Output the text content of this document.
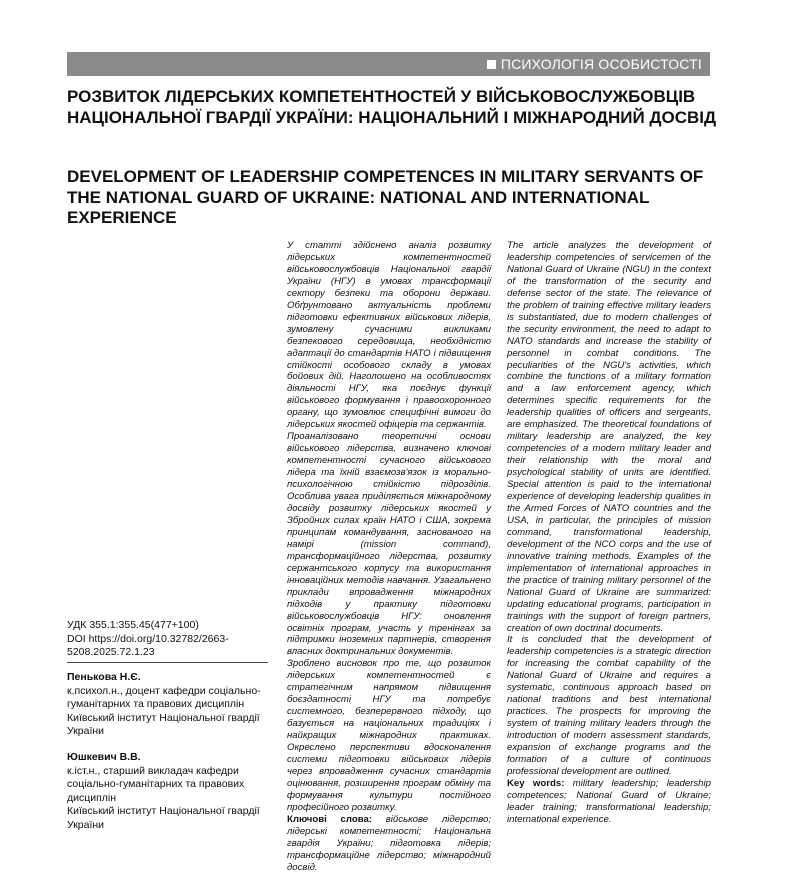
ПСИХОЛОГІЯ ОСОБИСТОСТІ
РОЗВИТОК ЛІДЕРСЬКИХ КОМПЕТЕНТНОСТЕЙ У ВІЙСЬКОВОСЛУЖБОВЦІВ НАЦІОНАЛЬНОЇ ГВАРДІЇ УКРАЇНИ: НАЦІОНАЛЬНИЙ І МІЖНАРОДНИЙ ДОСВІД
DEVELOPMENT OF LEADERSHIP COMPETENCES IN MILITARY SERVANTS OF THE NATIONAL GUARD OF UKRAINE: NATIONAL AND INTERNATIONAL EXPERIENCE
УДК 355.1:355.45(477+100)
DOI https://doi.org/10.32782/2663-5208.2025.72.1.23
Пенькова Н.Є.
к.психол.н., доцент кафедри соціально-гуманітарних та правових дисциплін
Київський інститут Національної гвардії України
Юшкевич В.В.
к.іст.н., старший викладач кафедри соціально-гуманітарних та правових дисциплін
Київський інститут Національної гвардії України

У статті здійснено аналіз розвитку лідерських компетентностей військовослужбовців Національної гвардії України (НГУ) в умовах трансформації сектору безпеки та оборони держави. Обґрунтовано актуальність проблеми підготовки ефективних військових лідерів, зумовлену сучасними викликами безпекового середовища, необхідністю адаптації до стандартів НАТО і підвищення стійкості особового складу в умовах бойових дій. Наголошено на особливостях діяльності НГУ, яка поєднує функції військового формування і правоохоронного органу, що зумовлює специфічні вимоги до лідерських якостей офіцерів та сержантів.

Проаналізовано теоретичні основи військового лідерства, визначено ключові компетентності сучасного військового лідера та їхній взаємозв'язок із морально-психологічною стійкістю підрозділів. Особлива увага приділяється міжнародному досвіду розвитку лідерських якостей у Збройних силах країн НАТО і США, зокрема принципам командування, заснованого на намірі (mission command), трансформаційного лідерства, розвитку сержантського корпусу та використання інноваційних методів навчання. Узагальнено приклади впровадження міжнародних підходів у практику підготовки військовослужбовців НГУ: оновлення освітніх програм, участь у тренінгах за підтримки іноземних партнерів, створення власних доктринальних документів.

Зроблено висновок про те, що розвиток лідерських компетентностей є стратегічним напрямом підвищення боєздатності НГУ та потребує системного, безперервного підходу, що базується на національних традиціях і найкращих міжнародних практиках. Окреслено перспективи вдосконалення системи підготовки військових лідерів через впровадження сучасних стандартів оцінювання, розширення програм обміну та формування культури постійного професійного розвитку.

Ключові слова: військове лідерство; лідерські компетентності; Національна гвардія України; підготовка лідерів; трансформаційне лідерство; міжнародний досвід.

The article analyzes the development of leadership competencies of servicemen of the National Guard of Ukraine (NGU) in the context of the transformation of the security and defense sector of the state. The relevance of the problem of training effective military leaders is substantiated, due to modern challenges of the security environment, the need to adapt to NATO standards and increase the stability of personnel in combat conditions. The peculiarities of the NGU's activities, which combine the functions of a military formation and a law enforcement agency, which determines specific requirements for the leadership qualities of officers and sergeants, are emphasized. The theoretical foundations of military leadership are analyzed, the key competencies of a modern military leader and their relationship with the moral and psychological stability of units are identified. Special attention is paid to the international experience of developing leadership qualities in the Armed Forces of NATO countries and the USA, in particular, the principles of mission command, transformational leadership, development of the NCO corps and the use of innovative training methods. Examples of the implementation of international approaches in the practice of training military personnel of the National Guard of Ukraine are summarized: updating educational programs, participation in trainings with the support of foreign partners, creation of own doctrinal documents.

It is concluded that the development of leadership competencies is a strategic direction for increasing the combat capability of the National Guard of Ukraine and requires a systematic, continuous approach based on national traditions and best international practices. The prospects for improving the system of training military leaders through the introduction of modern assessment standards, expansion of exchange programs and the formation of a culture of continuous professional development are outlined.

Key words: military leadership; leadership competences; National Guard of Ukraine; leader training; transformational leadership; international experience.
